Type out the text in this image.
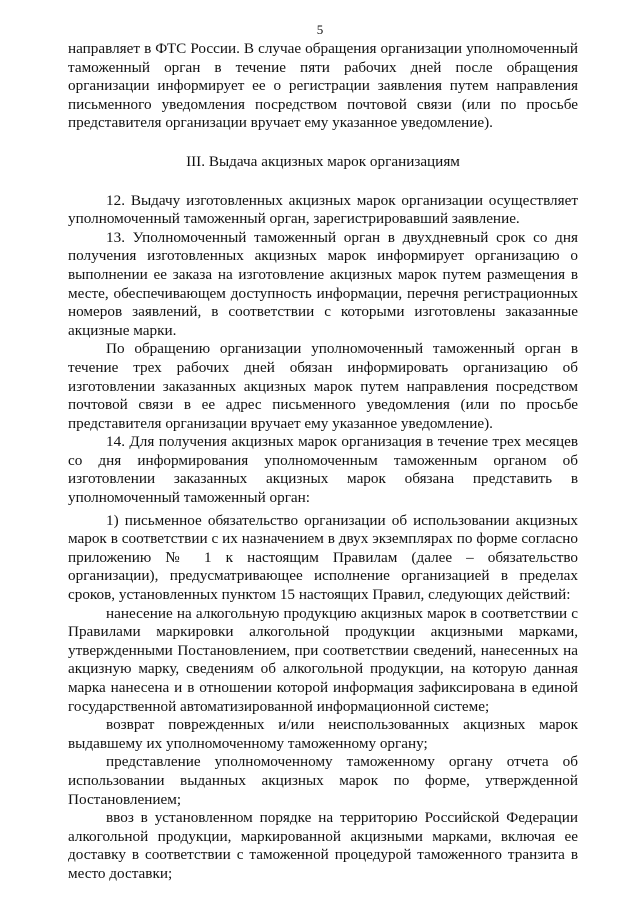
5

направляет в ФТС России. В случае обращения организации уполномоченный таможенный орган в течение пяти рабочих дней после обращения организации информирует ее о регистрации заявления путем направления письменного уведомления посредством почтовой связи (или по просьбе представителя организации вручает ему указанное уведомление).

III. Выдача акцизных марок организациям

12. Выдачу изготовленных акцизных марок организации осуществляет уполномоченный таможенный орган, зарегистрировавший заявление.

13. Уполномоченный таможенный орган в двухдневный срок со дня получения изготовленных акцизных марок информирует организацию о выполнении ее заказа на изготовление акцизных марок путем размещения в месте, обеспечивающем доступность информации, перечня регистрационных номеров заявлений, в соответствии с которыми изготовлены заказанные акцизные марки.

По обращению организации уполномоченный таможенный орган в течение трех рабочих дней обязан информировать организацию об изготовлении заказанных акцизных марок путем направления посредством почтовой связи в ее адрес письменного уведомления (или по просьбе представителя организации вручает ему указанное уведомление).

14. Для получения акцизных марок организация в течение трех месяцев со дня информирования уполномоченным таможенным органом об изготовлении заказанных акцизных марок обязана представить в уполномоченный таможенный орган:

1) письменное обязательство организации об использовании акцизных марок в соответствии с их назначением в двух экземплярах по форме согласно приложению № 1 к настоящим Правилам (далее – обязательство организации), предусматривающее исполнение организацией в пределах сроков, установленных пунктом 15 настоящих Правил, следующих действий:

нанесение на алкогольную продукцию акцизных марок в соответствии с Правилами маркировки алкогольной продукции акцизными марками, утвержденными Постановлением, при соответствии сведений, нанесенных на акцизную марку, сведениям об алкогольной продукции, на которую данная марка нанесена и в отношении которой информация зафиксирована в единой государственной автоматизированной информационной системе;

возврат поврежденных и/или неиспользованных акцизных марок выдавшему их уполномоченному таможенному органу;

представление уполномоченному таможенному органу отчета об использовании выданных акцизных марок по форме, утвержденной Постановлением;

ввоз в установленном порядке на территорию Российской Федерации алкогольной продукции, маркированной акцизными марками, включая ее доставку в соответствии с таможенной процедурой таможенного транзита в место доставки;
